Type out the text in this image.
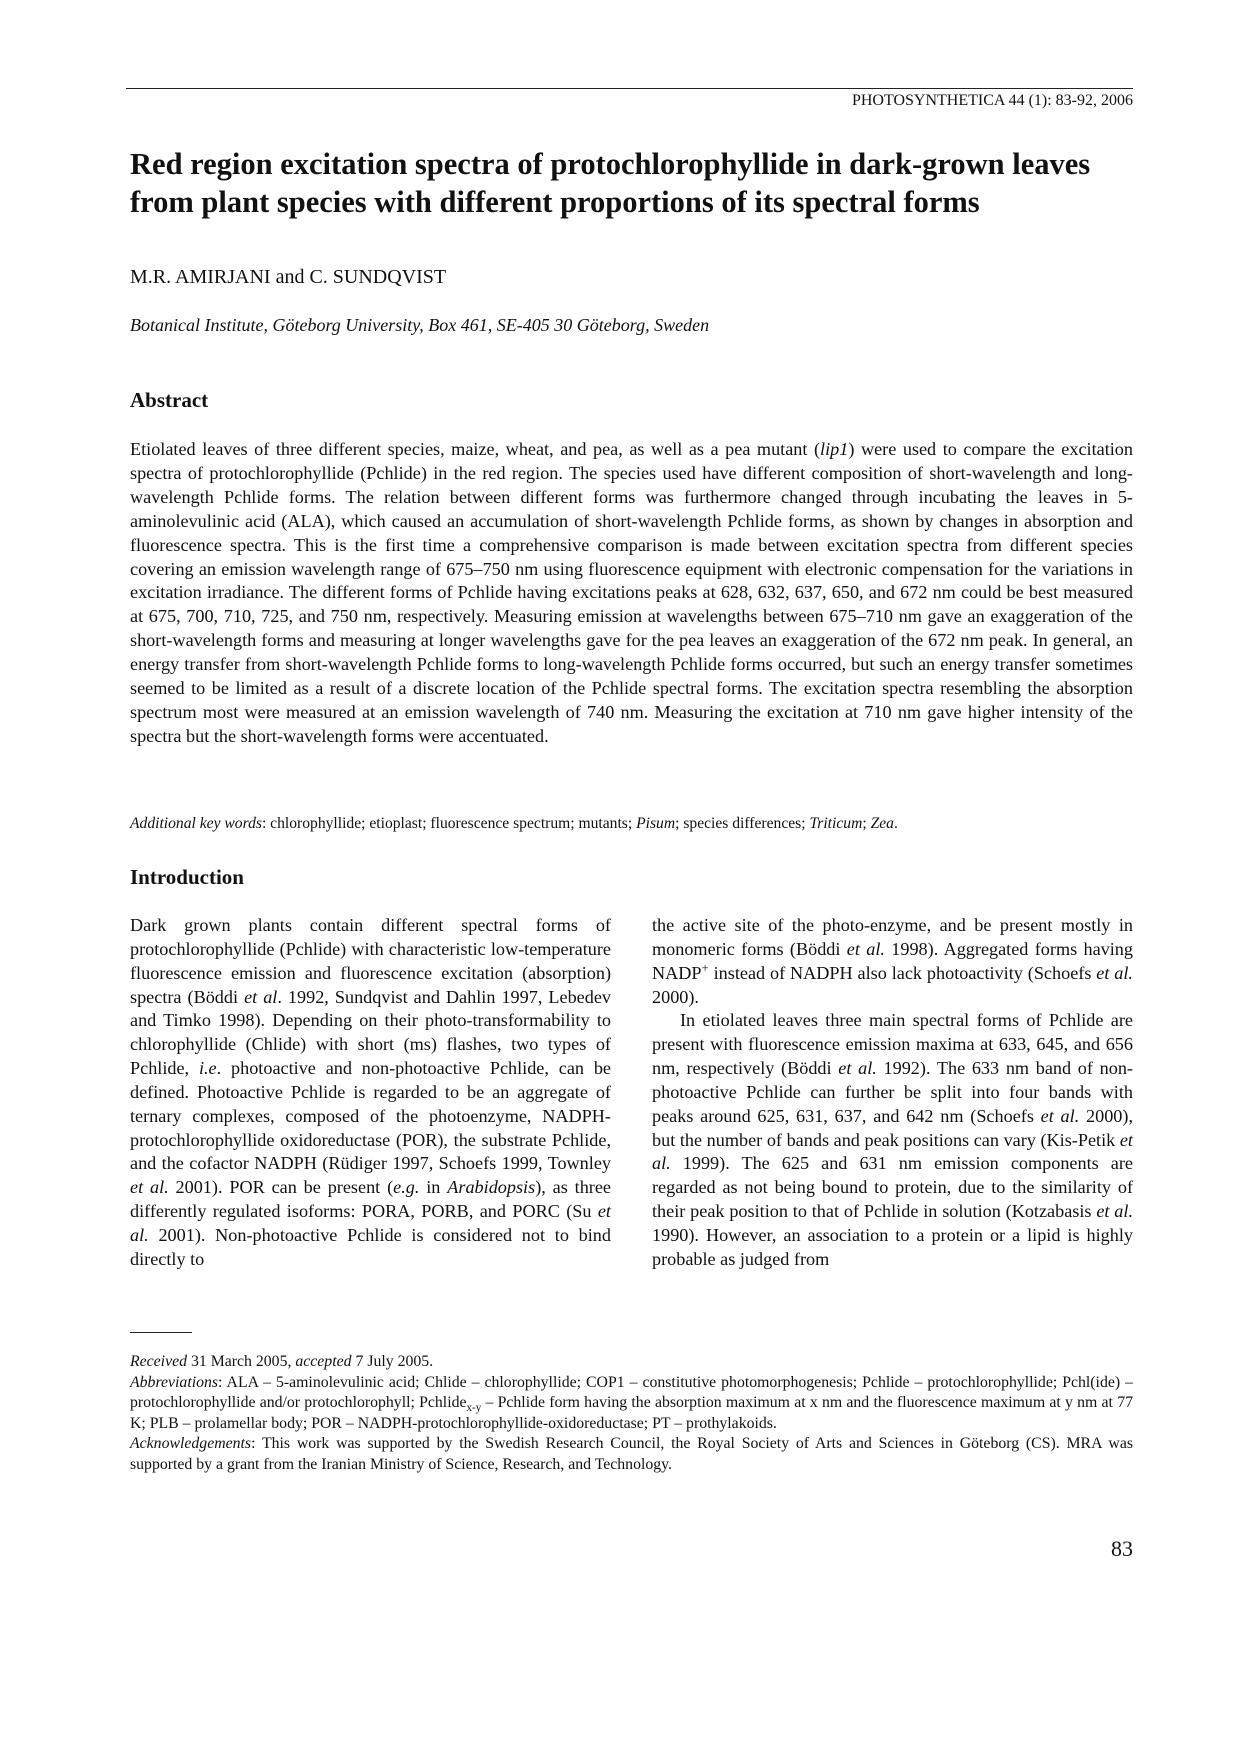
PHOTOSYNTHETICA 44 (1): 83-92, 2006
Red region excitation spectra of protochlorophyllide in dark-grown leaves
from plant species with different proportions of its spectral forms
M.R. AMIRJANI and C. SUNDQVIST
Botanical Institute, Göteborg University, Box 461, SE-405 30 Göteborg, Sweden
Abstract
Etiolated leaves of three different species, maize, wheat, and pea, as well as a pea mutant (lip1) were used to compare the excitation spectra of protochlorophyllide (Pchlide) in the red region. The species used have different composition of short-wavelength and long-wavelength Pchlide forms. The relation between different forms was furthermore changed through incubating the leaves in 5-aminolevulinic acid (ALA), which caused an accumulation of short-wavelength Pchlide forms, as shown by changes in absorption and fluorescence spectra. This is the first time a comprehensive comparison is made between excitation spectra from different species covering an emission wavelength range of 675–750 nm using fluorescence equipment with electronic compensation for the variations in excitation irradiance. The different forms of Pchlide having excitations peaks at 628, 632, 637, 650, and 672 nm could be best measured at 675, 700, 710, 725, and 750 nm, respectively. Measuring emission at wavelengths between 675–710 nm gave an exaggeration of the short-wavelength forms and measuring at longer wavelengths gave for the pea leaves an exaggeration of the 672 nm peak. In general, an energy transfer from short-wavelength Pchlide forms to long-wavelength Pchlide forms occurred, but such an energy transfer sometimes seemed to be limited as a result of a discrete location of the Pchlide spectral forms. The excitation spectra resembling the absorption spectrum most were measured at an emission wavelength of 740 nm. Measuring the excitation at 710 nm gave higher intensity of the spectra but the short-wavelength forms were accentuated.
Additional key words: chlorophyllide; etioplast; fluorescence spectrum; mutants; Pisum; species differences; Triticum; Zea.
Introduction

Dark grown plants contain different spectral forms of protochlorophyllide (Pchlide) with characteristic low-temperature fluorescence emission and fluorescence excitation (absorption) spectra (Böddi et al. 1992, Sundqvist and Dahlin 1997, Lebedev and Timko 1998). Depending on their photo-transformability to chlorophyllide (Chlide) with short (ms) flashes, two types of Pchlide, i.e. photoactive and non-photoactive Pchlide, can be defined. Photoactive Pchlide is regarded to be an aggregate of ternary complexes, composed of the photoenzyme, NADPH-protochlorophyllide oxidoreductase (POR), the substrate Pchlide, and the cofactor NADPH (Rüdiger 1997, Schoefs 1999, Townley et al. 2001). POR can be present (e.g. in Arabidopsis), as three differently regulated isoforms: PORA, PORB, and PORC (Su et al. 2001). Non-photoactive Pchlide is considered not to bind directly to

the active site of the photo-enzyme, and be present mostly in monomeric forms (Böddi et al. 1998). Aggregated forms having NADP+ instead of NADPH also lack photoactivity (Schoefs et al. 2000).

In etiolated leaves three main spectral forms of Pchlide are present with fluorescence emission maxima at 633, 645, and 656 nm, respectively (Böddi et al. 1992). The 633 nm band of non-photoactive Pchlide can further be split into four bands with peaks around 625, 631, 637, and 642 nm (Schoefs et al. 2000), but the number of bands and peak positions can vary (Kis-Petik et al. 1999). The 625 and 631 nm emission components are regarded as not being bound to protein, due to the similarity of their peak position to that of Pchlide in solution (Kotzabasis et al. 1990). However, an association to a protein or a lipid is highly probable as judged from

Received 31 March 2005, accepted 7 July 2005.

Abbreviations: ALA – 5-aminolevulinic acid; Chlide – chlorophyllide; COP1 – constitutive photomorphogenesis; Pchlide – protochlorophyllide; Pchl(ide) – protochlorophyllide and/or protochlorophyll; Pchlide$_{x-y}$ – Pchlide form having the absorption maximum at x nm and the fluorescence maximum at y nm at 77 K; PLB – prolamellar body; POR – NADPH-protochlorophyllide-oxidoreductase; PT – prothylakoids.

Acknowledgements: This work was supported by the Swedish Research Council, the Royal Society of Arts and Sciences in Göteborg (CS). MRA was supported by a grant from the Iranian Ministry of Science, Research, and Technology.

83
